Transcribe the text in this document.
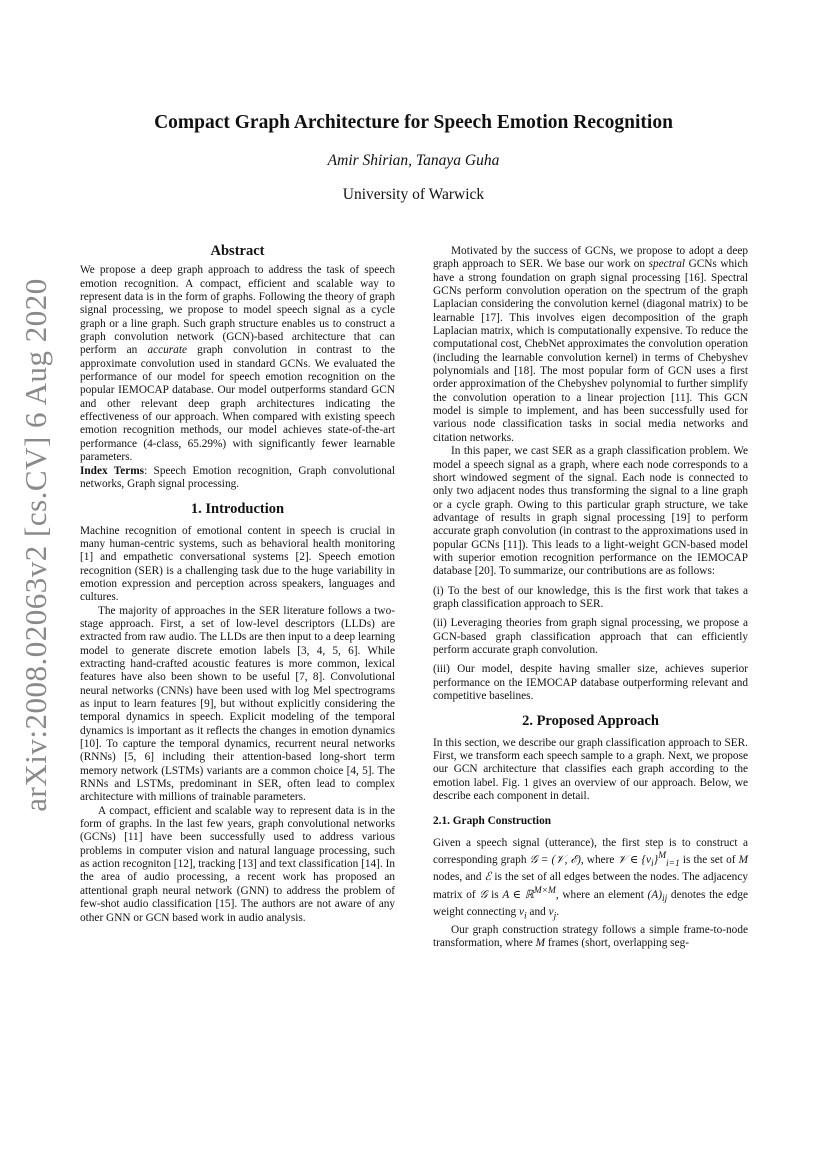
arXiv:2008.02063v2 [cs.CV] 6 Aug 2020
Compact Graph Architecture for Speech Emotion Recognition

Amir Shirian, Tanaya Guha

University of Warwick

Abstract

We propose a deep graph approach to address the task of speech emotion recognition. A compact, efficient and scalable way to represent data is in the form of graphs. Following the theory of graph signal processing, we propose to model speech signal as a cycle graph or a line graph. Such graph structure enables us to construct a graph convolution network (GCN)-based architecture that can perform an accurate graph convolution in contrast to the approximate convolution used in standard GCNs. We evaluated the performance of our model for speech emotion recognition on the popular IEMOCAP database. Our model outperforms standard GCN and other relevant deep graph architectures indicating the effectiveness of our approach. When compared with existing speech emotion recognition methods, our model achieves state-of-the-art performance (4-class, 65.29%) with significantly fewer learnable parameters.

Index Terms: Speech Emotion recognition, Graph convolutional networks, Graph signal processing.

1. Introduction

Machine recognition of emotional content in speech is crucial in many human-centric systems, such as behavioral health monitoring [1] and empathetic conversational systems [2]. Speech emotion recognition (SER) is a challenging task due to the huge variability in emotion expression and perception across speakers, languages and cultures.

The majority of approaches in the SER literature follows a two-stage approach. First, a set of low-level descriptors (LLDs) are extracted from raw audio. The LLDs are then input to a deep learning model to generate discrete emotion labels [3, 4, 5, 6]. While extracting hand-crafted acoustic features is more common, lexical features have also been shown to be useful [7, 8]. Convolutional neural networks (CNNs) have been used with log Mel spectrograms as input to learn features [9], but without explicitly considering the temporal dynamics in speech. Explicit modeling of the temporal dynamics is important as it reflects the changes in emotion dynamics [10]. To capture the temporal dynamics, recurrent neural networks (RNNs) [5, 6] including their attention-based long-short term memory network (LSTMs) variants are a common choice [4, 5]. The RNNs and LSTMs, predominant in SER, often lead to complex architecture with millions of trainable parameters.

A compact, efficient and scalable way to represent data is in the form of graphs. In the last few years, graph convolutional networks (GCNs) [11] have been successfully used to address various problems in computer vision and natural language processing, such as action recogniton [12], tracking [13] and text classification [14]. In the area of audio processing, a recent work has proposed an attentional graph neural network (GNN) to address the problem of few-shot audio classification [15]. The authors are not aware of any other GNN or GCN based work in audio analysis.

Motivated by the success of GCNs, we propose to adopt a deep graph approach to SER. We base our work on spectral GCNs which have a strong foundation on graph signal processing [16]. Spectral GCNs perform convolution operation on the spectrum of the graph Laplacian considering the convolution kernel (diagonal matrix) to be learnable [17]. This involves eigen decomposition of the graph Laplacian matrix, which is computationally expensive. To reduce the computational cost, ChebNet approximates the convolution operation (including the learnable convolution kernel) in terms of Chebyshev polynomials and [18]. The most popular form of GCN uses a first order approximation of the Chebyshev polynomial to further simplify the convolution operation to a linear projection [11]. This GCN model is simple to implement, and has been successfully used for various node classification tasks in social media networks and citation networks.

In this paper, we cast SER as a graph classification problem. We model a speech signal as a graph, where each node corresponds to a short windowed segment of the signal. Each node is connected to only two adjacent nodes thus transforming the signal to a line graph or a cycle graph. Owing to this particular graph structure, we take advantage of results in graph signal processing [19] to perform accurate graph convolution (in contrast to the approximations used in popular GCNs [11]). This leads to a light-weight GCN-based model with superior emotion recognition performance on the IEMOCAP database [20]. To summarize, our contributions are as follows:

(i) To the best of our knowledge, this is the first work that takes a graph classification approach to SER.

(ii) Leveraging theories from graph signal processing, we propose a GCN-based graph classification approach that can efficiently perform accurate graph convolution.

(iii) Our model, despite having smaller size, achieves superior performance on the IEMOCAP database outperforming relevant and competitive baselines.

2. Proposed Approach

In this section, we describe our graph classification approach to SER. First, we transform each speech sample to a graph. Next, we propose our GCN architecture that classifies each graph according to the emotion label. Fig. 1 gives an overview of our approach. Below, we describe each component in detail.

2.1. Graph Construction

Given a speech signal (utterance), the first step is to construct a corresponding graph 𝒢 = (𝒱, ℰ), where 𝒱 ∈ $\{v_i\}^M_{i=1}$ is the set of M nodes, and ℰ is the set of all edges between the nodes. The adjacency matrix of 𝒢 is A ∈ ℝ$^{M\times M}$, where an element $(A)_{ij}$ denotes the edge weight connecting $v_i$ and $v_j$.

Our graph construction strategy follows a simple frame-to-node transformation, where M frames (short, overlapping seg-
